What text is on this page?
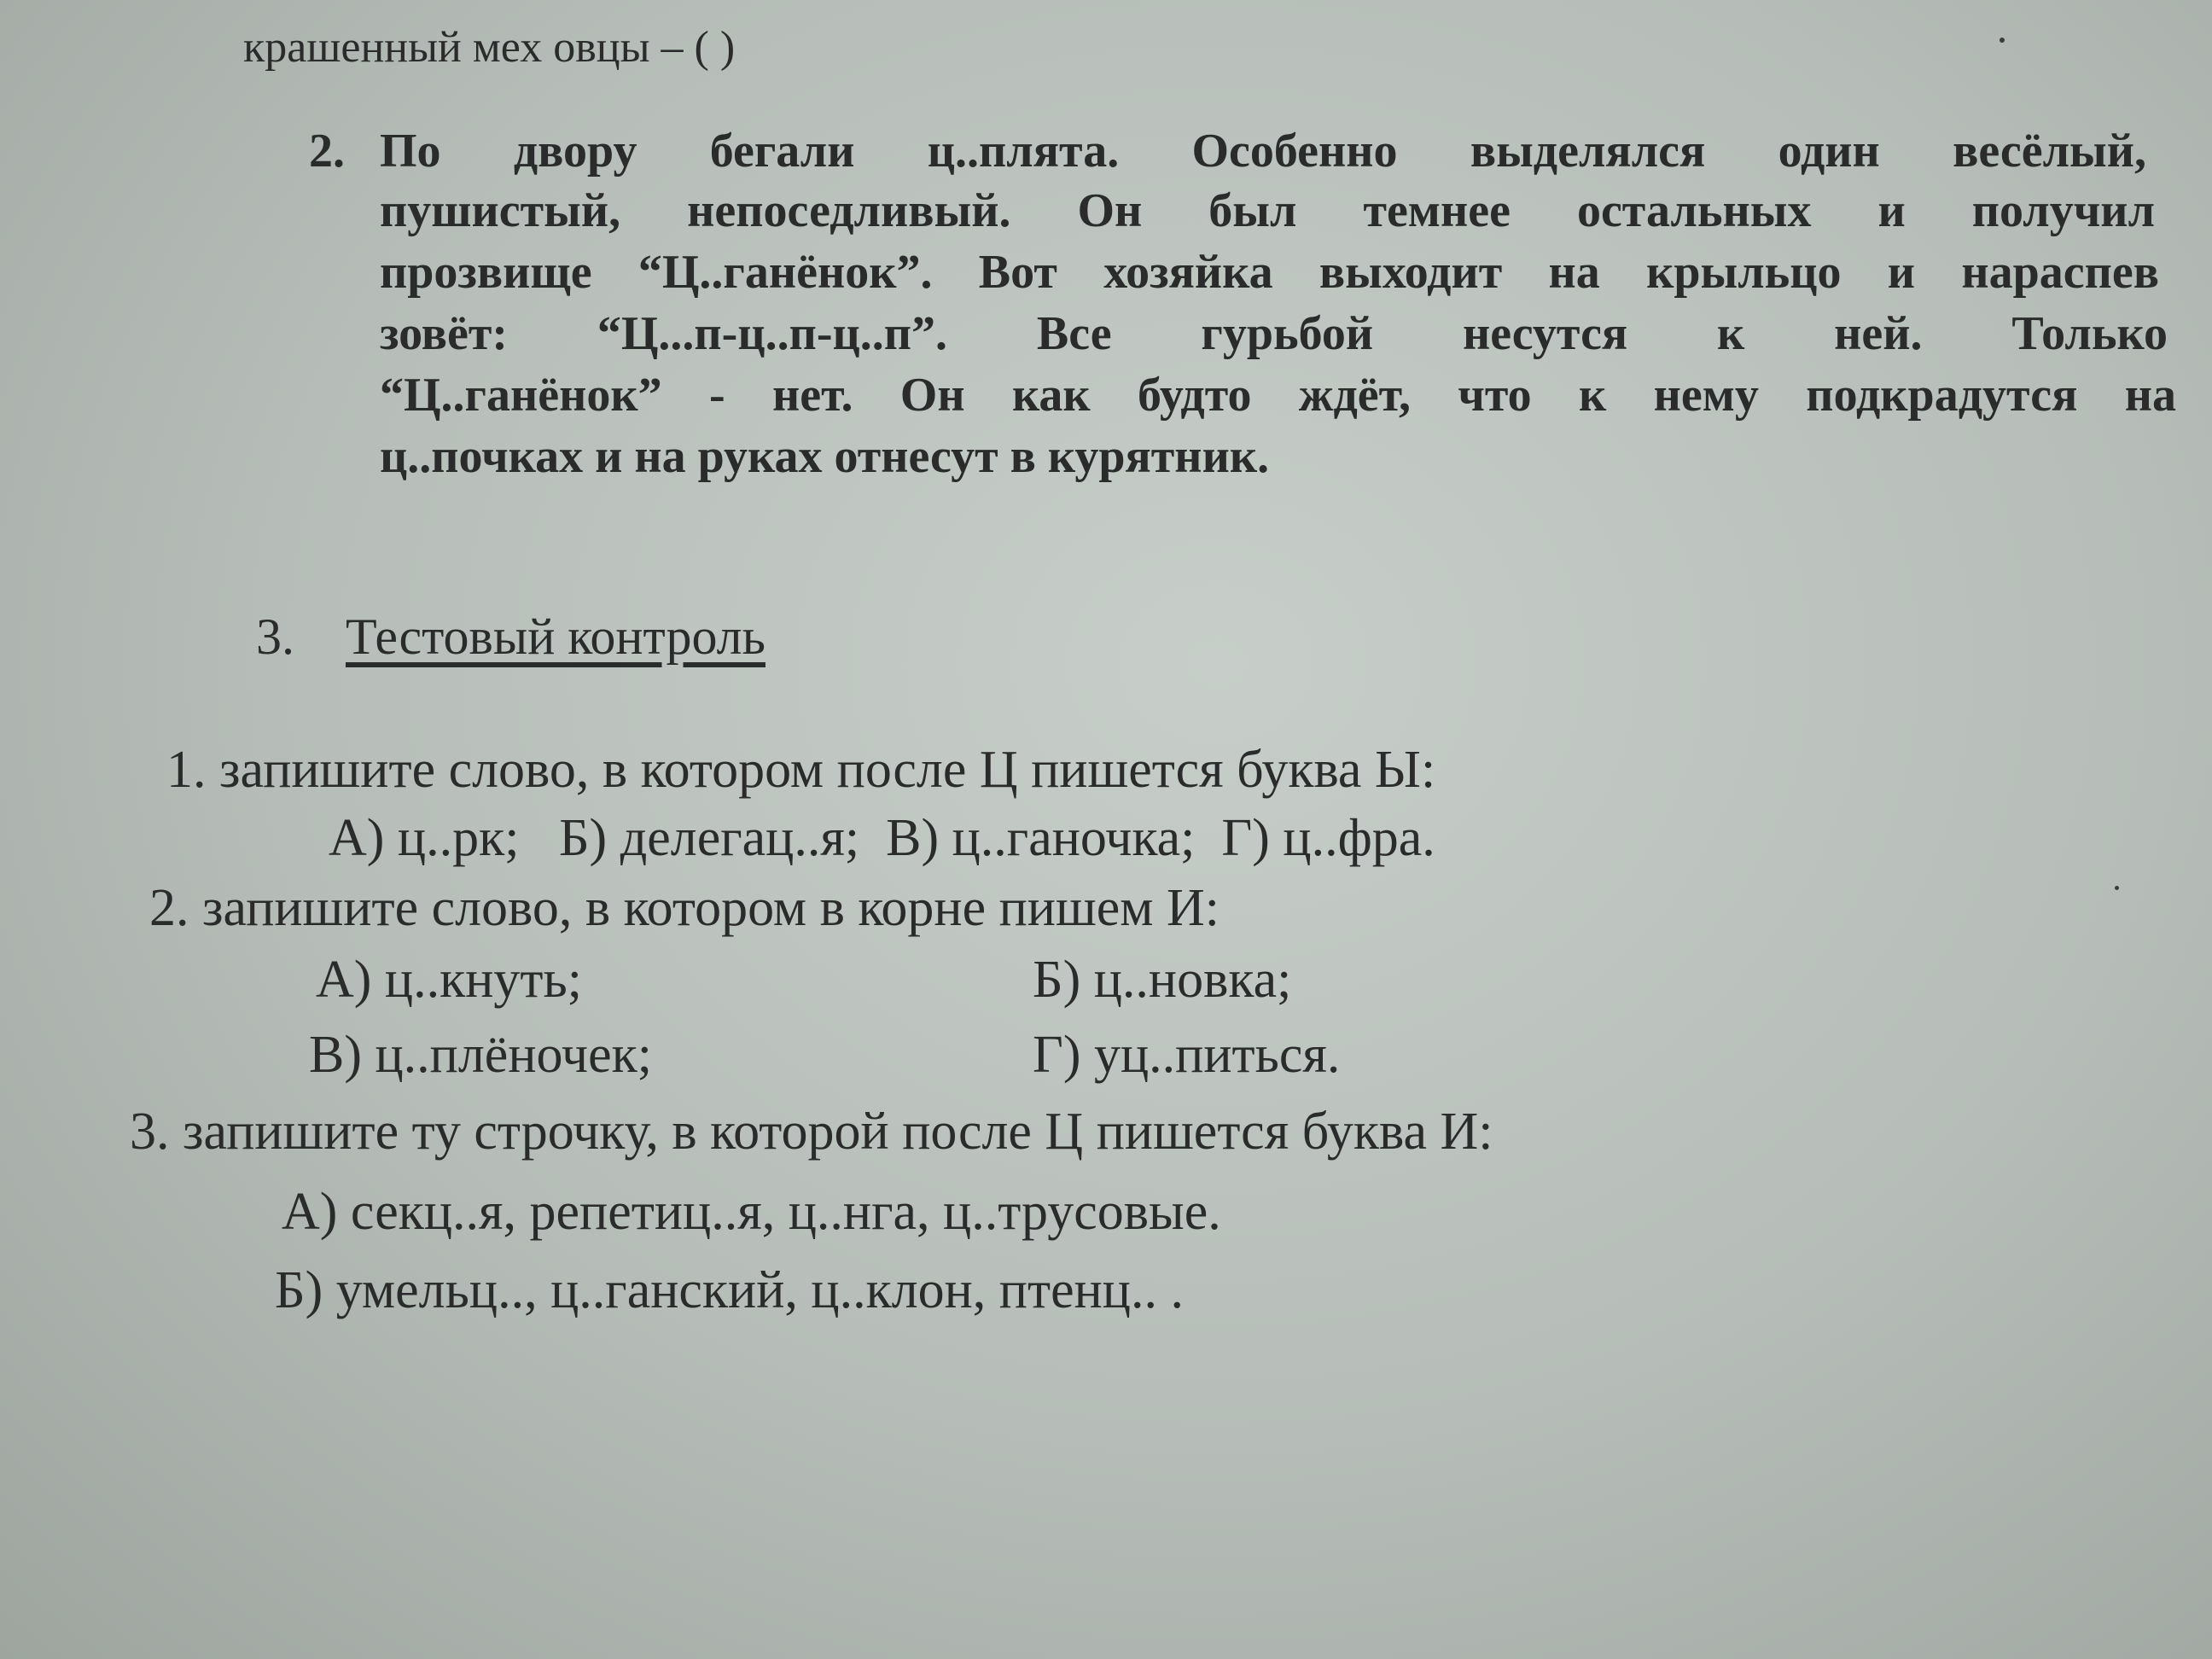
крашенный мех овцы – ( )
2. По двору бегали ц..плята. Особенно выделялся один весёлый,
пушистый, непоседливый. Он был темнее остальных и получил
прозвище “Ц..ганёнок”. Вот хозяйка выходит на крыльцо и нараспев
зовёт: “Ц...п-ц..п-ц..п”. Все гурьбой несутся к ней. Только
“Ц..ганёнок” - нет. Он как будто ждёт, что к нему подкрадутся на
ц..почках и на руках отнесут в курятник.
3. Тестовый контроль
1. запишите слово, в котором после Ц пишется буква Ы:
А) ц..рк;   Б) делегац..я;  В) ц..ганочка;  Г) ц..фра.
2. запишите слово, в котором в корне пишем И:
А) ц..кнуть;	Б) ц..новка;
В) ц..плёночек;	Г) уц..питься.
3. запишите ту строчку, в которой после Ц пишется буква И:
А) секц..я, репетиц..я, ц..нга, ц..трусовые.
Б) умельц.., ц..ганский, ц..клон, птенц.. .
